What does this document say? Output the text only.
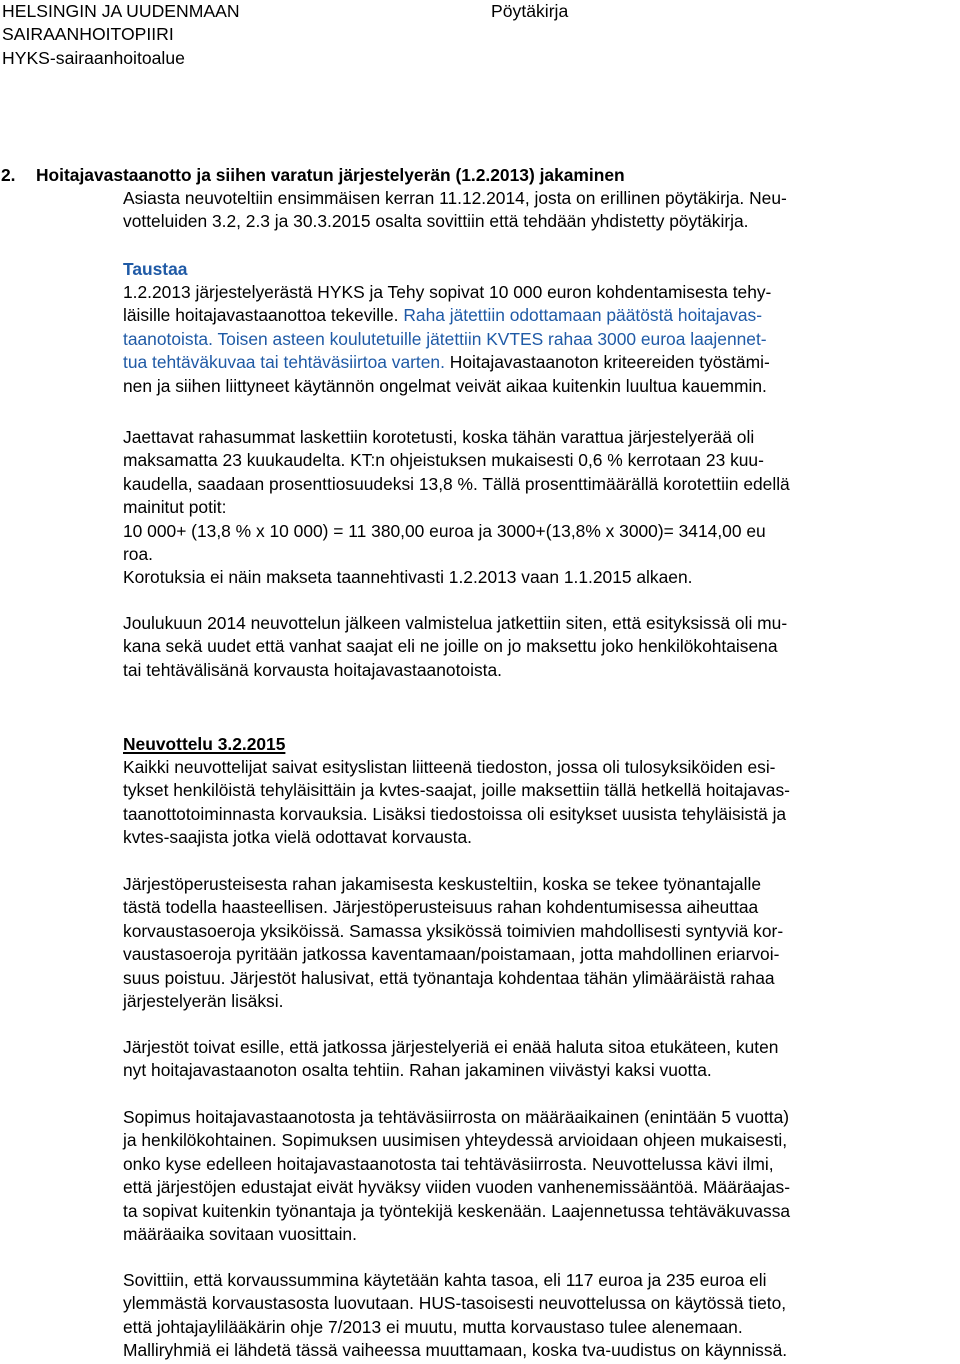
HELSINGIN JA UUDENMAAN
SAIRAANHOITOPIIRI
HYKS-sairaanhoitoalue
Pöytäkirja
2. Hoitajavastaanotto ja siihen varatun järjestelyerän (1.2.2013) jakaminen
Asiasta neuvoteltiin ensimmäisen kerran 11.12.2014, josta on erillinen pöytäkirja. Neu-
votteluiden 3.2, 2.3 ja 30.3.2015 osalta sovittiin että tehdään yhdistetty pöytäkirja.
Taustaa
1.2.2013 järjestelyerästä HYKS ja Tehy sopivat 10 000 euron kohdentamisesta tehy-
läisille hoitajavastaanottoa tekeville. Raha jätettiin odottamaan päätöstä hoitajavas-
taanotoista. Toisen asteen koulutetuille jätettiin KVTES rahaa 3000 euroa laajennet-
tua tehtäväkuvaa tai tehtäväsiirtoa varten. Hoitajavastaanoton kriteereiden työstämi-
nen ja siihen liittyneet käytännön ongelmat veivät aikaa kuitenkin luultua kauemmin.
Jaettavat rahasummat laskettiin korotetusti, koska tähän varattua järjestelyerää oli
maksamatta 23 kuukaudelta. KT:n ohjeistuksen mukaisesti 0,6 % kerrotaan 23 kuu-
kaudella, saadaan prosenttiosuudeksi 13,8 %. Tällä prosenttimäärällä korotettiin edellä
mainitut potit:
10 000+ (13,8 % x 10 000) = 11 380,00 euroa ja 3000+(13,8% x 3000)= 3414,00 eu
roa.
Korotuksia ei näin makseta taannehtivasti 1.2.2013 vaan 1.1.2015 alkaen.
Joulukuun 2014 neuvottelun jälkeen valmistelua jatkettiin siten, että esityksissä oli mu-
kana sekä uudet että vanhat saajat eli ne joille on jo maksettu joko henkilökohtaisena
tai tehtävälisänä korvausta hoitajavastaanotoista.
Neuvottelu 3.2.2015
Kaikki neuvottelijat saivat esityslistan liitteenä tiedoston, jossa oli tulosyksiköiden esi-
tykset henkilöistä tehyläisittäin ja kvtes-saajat, joille maksettiin tällä hetkellä hoitajavas-
taanottotoiminnasta korvauksia. Lisäksi tiedostoissa oli esitykset uusista tehyläisistä ja
kvtes-saajista jotka vielä odottavat korvausta.
Järjestöperusteisesta rahan jakamisesta keskusteltiin, koska se tekee työnantajalle
tästä todella haasteellisen. Järjestöperusteisuus rahan kohdentumisessa aiheuttaa
korvaustasoeroja yksiköissä. Samassa yksikössä toimivien mahdollisesti syntyviä kor-
vaustasoeroja pyritään jatkossa kaventamaan/poistamaan, jotta mahdollinen eriarvoi-
suus poistuu. Järjestöt halusivat, että työnantaja kohdentaa tähän ylimääräistä rahaa
järjestelyerän lisäksi.
Järjestöt toivat esille, että jatkossa järjestelyeriä ei enää haluta sitoa etukäteen, kuten
nyt hoitajavastaanoton osalta tehtiin. Rahan jakaminen viivästyi kaksi vuotta.
Sopimus hoitajavastaanotosta ja tehtäväsiirrosta on määräaikainen (enintään 5 vuotta)
ja henkilökohtainen. Sopimuksen uusimisen yhteydessä arvioidaan ohjeen mukaisesti,
onko kyse edelleen hoitajavastaanotosta tai tehtäväsiirrosta. Neuvottelussa kävi ilmi,
että järjestöjen edustajat eivät hyväksy viiden vuoden vanhenemissääntöä. Määräajas-
ta sopivat kuitenkin työnantaja ja työntekijä keskenään. Laajennetussa tehtäväkuvassa
määräaika sovitaan vuosittain.
Sovittiin, että korvaussummina käytetään kahta tasoa, eli 117 euroa ja 235 euroa eli
ylemmästä korvaustasosta luovutaan. HUS-tasoisesti neuvottelussa on käytössä tieto,
että johtajaylilääkärin ohje 7/2013 ei muutu, mutta korvaustaso tulee alenemaan.
Malliryhmiä ei lähdetä tässä vaiheessa muuttamaan, koska tva-uudistus on käynnissä.
